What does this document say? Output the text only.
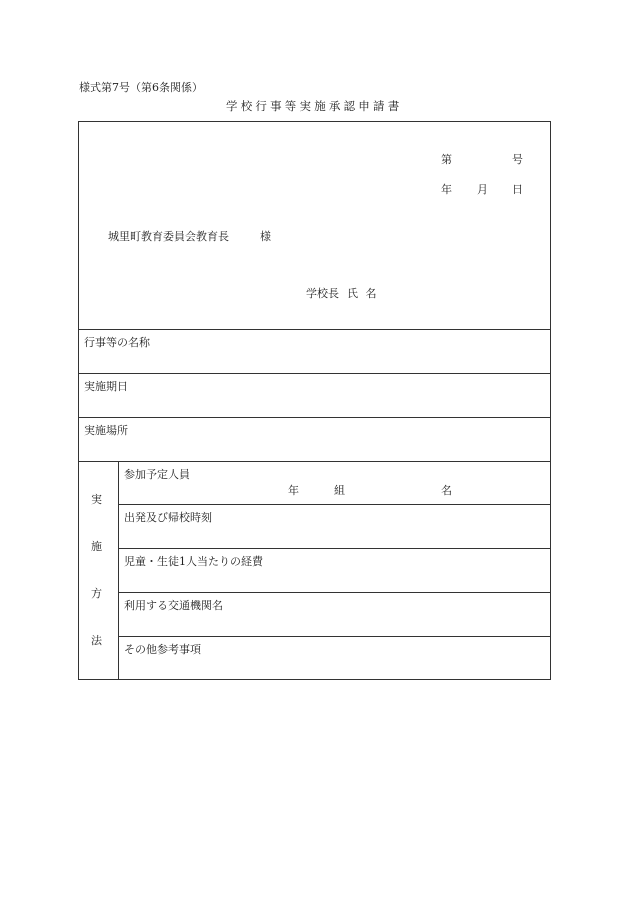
様式第7号（第6条関係）
学校行事等実施承認申請書
第	号
年 月 日
城里町教育委員会教育長	様
学校長 氏 名
行事等の名称
実施期日
実施場所
実
施
方
法
参加予定人員
年	組	名
出発及び帰校時刻
児童・生徒1人当たりの経費
利用する交通機関名
その他参考事項
